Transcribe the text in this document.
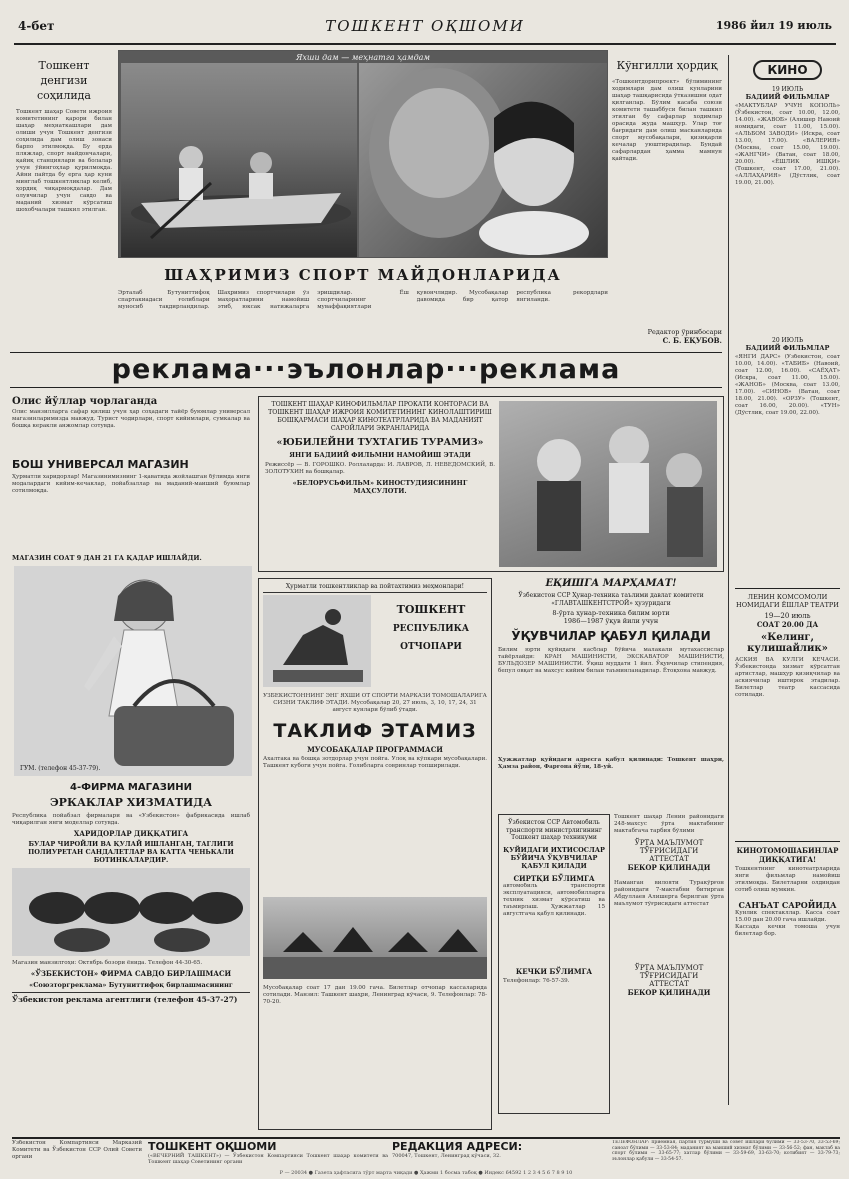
4-бет	ТОШКЕНТ ОҚШОМИ	1986 йил 19 июль
Тошкент денгизи соҳилида
Тошкент шаҳар Совети ижроия комитетининг қарори билан шаҳар меҳнаткашлари дам олиши учун Тошкент денгизи соҳилида дам олиш зонаси барпо этилмоқда. Бу ерда пляжлар, спорт майдончалари, қайиқ станциялари ва болалар учун ўйингоҳлар қурилмоқда. Айни пайтда бу ерга ҳар куни минглаб тошкентликлар келиб, ҳордиқ чиқармоқдалар. Дам олувчилар учун савдо ва маданий хизмат кўрсатиш шохобчалари ташкил этилган.
Яхши дам — меҳнатга ҳамдам
Кўнгилли ҳордиқ
«Тошкентдорипроект» бўлимининг ходимлари дам олиш кунларини шаҳар ташқарисида ўтказишни одат қилганлар. Бўлим касаба союзи комитети ташаббуси билан ташкил этилган бу сафарлар ходимлар орасида жуда машҳур. Улар тоғ бағридаги дам олиш масканларида спорт мусобақалари, қизиқарли кечалар уюштирадилар. Бундай сафарлардан ҳамма мамнун қайтади.
Редактор ўринбосари
С. Б. ЕҚУБОВ.
ШАҲРИМИЗ СПОРТ МАЙДОНЛАРИДА
Эрталаб Бутуниттифоқ спартакиадаси ғолиблари муносиб тақдирландилар. Шаҳримиз спортчилари ўз маҳоратларини намойиш этиб, юксак натижаларга эришдилар. Ёш спортчиларнинг муваффақиятлари қувончлидир. Мусобақалар давомида бир қатор республика рекордлари янгиланди.
КИНО
19 ИЮЛЬ
БАДИИЙ ФИЛЬМЛАР
«МАКТУБЛАР УЧУН КОПОЛЬ» (Ўзбекистон, соат 10.00, 12.00, 14.00). «ЖАВОБ» (Алишер Навоий номидаги, соат 11.00, 15.00). «АЛЬБОМ ЗАВОДИ» (Искра, соат 13.00, 17.00). «ВАЛЕРИЯ» (Москва, соат 15.00, 19.00). «ЖАНГЧИ» (Ватан, соат 18.00, 20.00). «ЁШЛИК ИШҚИ» (Тошкент, соат 17.00, 21.00). «АЛЛАҲАРИЯ» (Дўстлик, соат 19.00, 21.00).
20 ИЮЛЬ
БАДИИЙ ФИЛЬМЛАР
«ЯНГИ ДАРС» (Ўзбекистон, соат 10.00, 14.00). «ТАБИБ» (Навоий, соат 12.00, 16.00). «САЁҲАТ» (Искра, соат 11.00, 15.00). «ЖАНОБ» (Москва, соат 13.00, 17.00). «СИНОВ» (Ватан, соат 18.00, 21.00). «ОРЗУ» (Тошкент, соат 16.00, 20.00). «ТУН» (Дўстлик, соат 19.00, 22.00).
ЛЕНИН КОМСОМОЛИ НОМИДАГИ ЁШЛАР ТЕАТРИ
19—20 июль
СОАТ 20.00 ДА
«Келинг, кулишайлик»
АСКИЯ ВА КУЛГИ КЕЧАСИ. Ўзбекистонда хизмат кўрсатган артистлар, машҳур қизиқчилар ва аскиячилар иштирок этадилар. Билетлар театр кассасида сотилади.
КИНОТОМОШАБИНЛАР ДИҚҚАТИГА!
Тошкентнинг кинотеатрларида янги фильмлар намойиш этилмоқда. Билетларни олдиндан сотиб олиш мумкин.
САНЪАТ САРОЙИДА
Кунлик спектакллар. Касса соат 15.00 дан 20.00 гача ишлайди.
Кассада кечки томоша учун билетлар бор.
реклама···эълонлар···реклама
Олис йўллар чорлаганда
Олис манзилларга сафар қилиш учун ҳар соҳадаги тайёр буюмлар универсал магазинларимизда мавжуд. Турист чодирлари, спорт кийимлари, сумкалар ва бошқа керакли анжомлар сотувда.
БОШ УНИВЕРСАЛ МАГАЗИН
Ҳурматли харидорлар! Магазинимизнинг 1-қаватида жойлашган бўлимда янги модалардаги кийим-кечаклар, пойабзаллар ва маданий-маиший буюмлар сотилмоқда.
МАГАЗИН СОАТ 9 ДАН 21 ГА ҚАДАР ИШЛАЙДИ.
ГУМ. (телефон 45-37-79).
4-ФИРМА МАГАЗИНИ
ЭРКАКЛАР ХИЗМАТИДА
Республика пойабзал фирмалари ва «Узбекистон» фабрикасида ишлаб чиқарилган янги моделлар сотувда.
ХАРИДОРЛАР ДИҚҚАТИГА
БУЛАР ЧИРОЙЛИ ВА ҚУЛАЙ ИШЛАНГАН, ТАГЛИГИ ПОЛИУРЕТАН САНДАЛЕТЛАР ВА КАТТА ЧЕНЬКАЛИ БОТИНКАЛАРДИР.
Магазин манзилгоҳи: Октябрь бозори ёнида. Телефон 44-30-65.
«ЎЗБЕКИСТОН» ФИРМА САВДО БИРЛАШМАСИ
«Союзторгреклама» Бутуниттифоқ бирлашмасининг
Ўзбекистон реклама агентлиги (телефон 45-37-27)
ТОШКЕНТ ШАҲАР КИНОФИЛЬМЛАР ПРОКАТИ КОНТОРАСИ ВА ТОШКЕНТ ШАҲАР ИЖРОИЯ КОМИТЕТИНИНГ КИНОЛАШТИРИШ БОШҚАРМАСИ ШАҲАР КИНОТЕАТРЛАРИДА ВА МАДАНИЯТ САРОЙЛАРИ ЭКРАНЛАРИДА
«ЮБИЛЕЙНИ ТУХТАГИБ ТУРАМИЗ»
ЯНГИ БАДИИЙ ФИЛЬМНИ НАМОЙИШ ЭТАДИ
Режиссёр — В. ГОРОШКО. Роллаларда: И. ЛАВРОВ, Л. НЕВЕДОМСКИЙ, В. ЗОЛОТУХИН ва бошқалар.
«БЕЛОРУСЬФИЛЬМ» КИНОСТУДИЯСИНИНГ МАҲСУЛОТИ.
Ҳурматли тошкентликлар ва пойтахтимиз меҳмонлари!
ТОШКЕНТ
РЕСПУБЛИКА
ОТЧОПАРИ
ЎЗБЕКИСТОННИНГ ЭНГ ЯХШИ ОТ СПОРТИ МАРКАЗИ ТОМОШАЛАРИГА СИЗНИ ТАКЛИФ ЭТАДИ. Мусобақалар 20, 27 июль, 3, 10, 17, 24, 31 август кунлари бўлиб ўтади.
ТАКЛИФ ЭТАМИЗ
МУСОБАҚАЛАР ПРОГРАММАСИ
Ахалтака ва бошқа зотдорлар учун пойга. Улоқ ва кўпкари мусобақалари. Ташкент кубоги учун пойга. Ғолибларга совринлар топширилади.
Мусобақалар соат 17 дан 19.00 гача. Билетлар отчопар кассаларида сотилади. Манзил: Ташкент шаҳри, Ленинград кўчаси, 9. Телефонлар: 78-70-20.
ЁҚИШГА МАРҲАМАТ!
Ўзбекистон ССР Ҳунар-техника таълими давлат комитети «ГЛАВТАШКЕНТСТРОЙ» ҳузуридаги
8-ўрта ҳунар-техника билим юрти
1986—1987 ўқув йили учун
ЎҚУВЧИЛАР ҚАБУЛ ҚИЛАДИ
Билим юрти қуйидаги касблар бўйича малакали мутахассислар тайёрлайди: КРАН МАШИНИСТИ, ЭКСКАВАТОР МАШИНИСТИ, БУЛЬДОЗЕР МАШИНИСТИ. Ўқиш муддати 1 йил. Ўқувчилар стипендия, бепул овқат ва махсус кийим билан таъминланадилар. Ётоқхона мавжуд.
Ҳужжатлар қуйидаги адресга қабул қилинади: Тошкент шаҳри, Ҳамза район, Фарғона йўли, 18-уй.
Ўзбекистон ССР Автомобиль транспорти министрлигининг Тошкент шаҳар техникуми
ҚУЙИДАГИ ИХТИСОСЛАР БЎЙИЧА ЎҚУВЧИЛАР ҚАБУЛ ҚИЛАДИ
СИРТҚИ БЎЛИМГА
автомобиль транспорти эксплуатацияси, автомобилларга техник хизмат кўрсатиш ва таъмирлаш. Ҳужжатлар 15 августгача қабул қилинади.
КЕЧКИ БЎЛИМГА
Телефонлар: 76-57-39.
Тошкент шаҳар Ленин районидаги 248-махсус ўрта мактабнинг мактабгача тарбия бўлими
ЎРТА МАЪЛУМОТ
ТЎҒРИСИДАГИ
АТТЕСТАТ
БЕКОР ҚИЛИНАДИ
Наманган вилояти Туракўрғон районидаги 7-мактабни битирган Абдуллаев Алишерга берилган ўрта маълумот тўғрисидаги аттестат
ЎРТА МАЪЛУМОТ
ТЎҒРИСИДАГИ
АТТЕСТАТ
БЕКОР ҚИЛИНАДИ
Ўзбекистон Компартияси Марказий Комитети ва Ўзбекистон ССР Олий Совети органи
ТОШКЕНТ ОҚШОМИ
(«ВЕЧЕРНИЙ ТАШКЕНТ») — Ўзбекистон Компартияси Тошкент шаҳар комитети ва Тошкент шаҳар Советининг органи
РЕДАКЦИЯ АДРЕСИ:
700047, Тошкент, Ленинград кўчаси, 32.
ТЕЛЕФОНЛАР: приёмная, партия турмуши ва совет ишлари бўлими — 33-53-70, 33-53-69; саноат бўлими — 33-53-84; маданият ва маиший хизмат бўлими — 33-56-52; фан, мактаб ва спорт бўлими — 33-65-77; хатлар бўлими — 33-59-69, 33-63-70; котибият — 33-79-73; эълонлар қабули — 33-54-57.
Р — 20034 ● Газета ҳафтасига тўрт марта чиқади ● Ҳажми 1 босма табоқ ● Индекс 64592 1 2 3 4 5 6 7 8 9 10
